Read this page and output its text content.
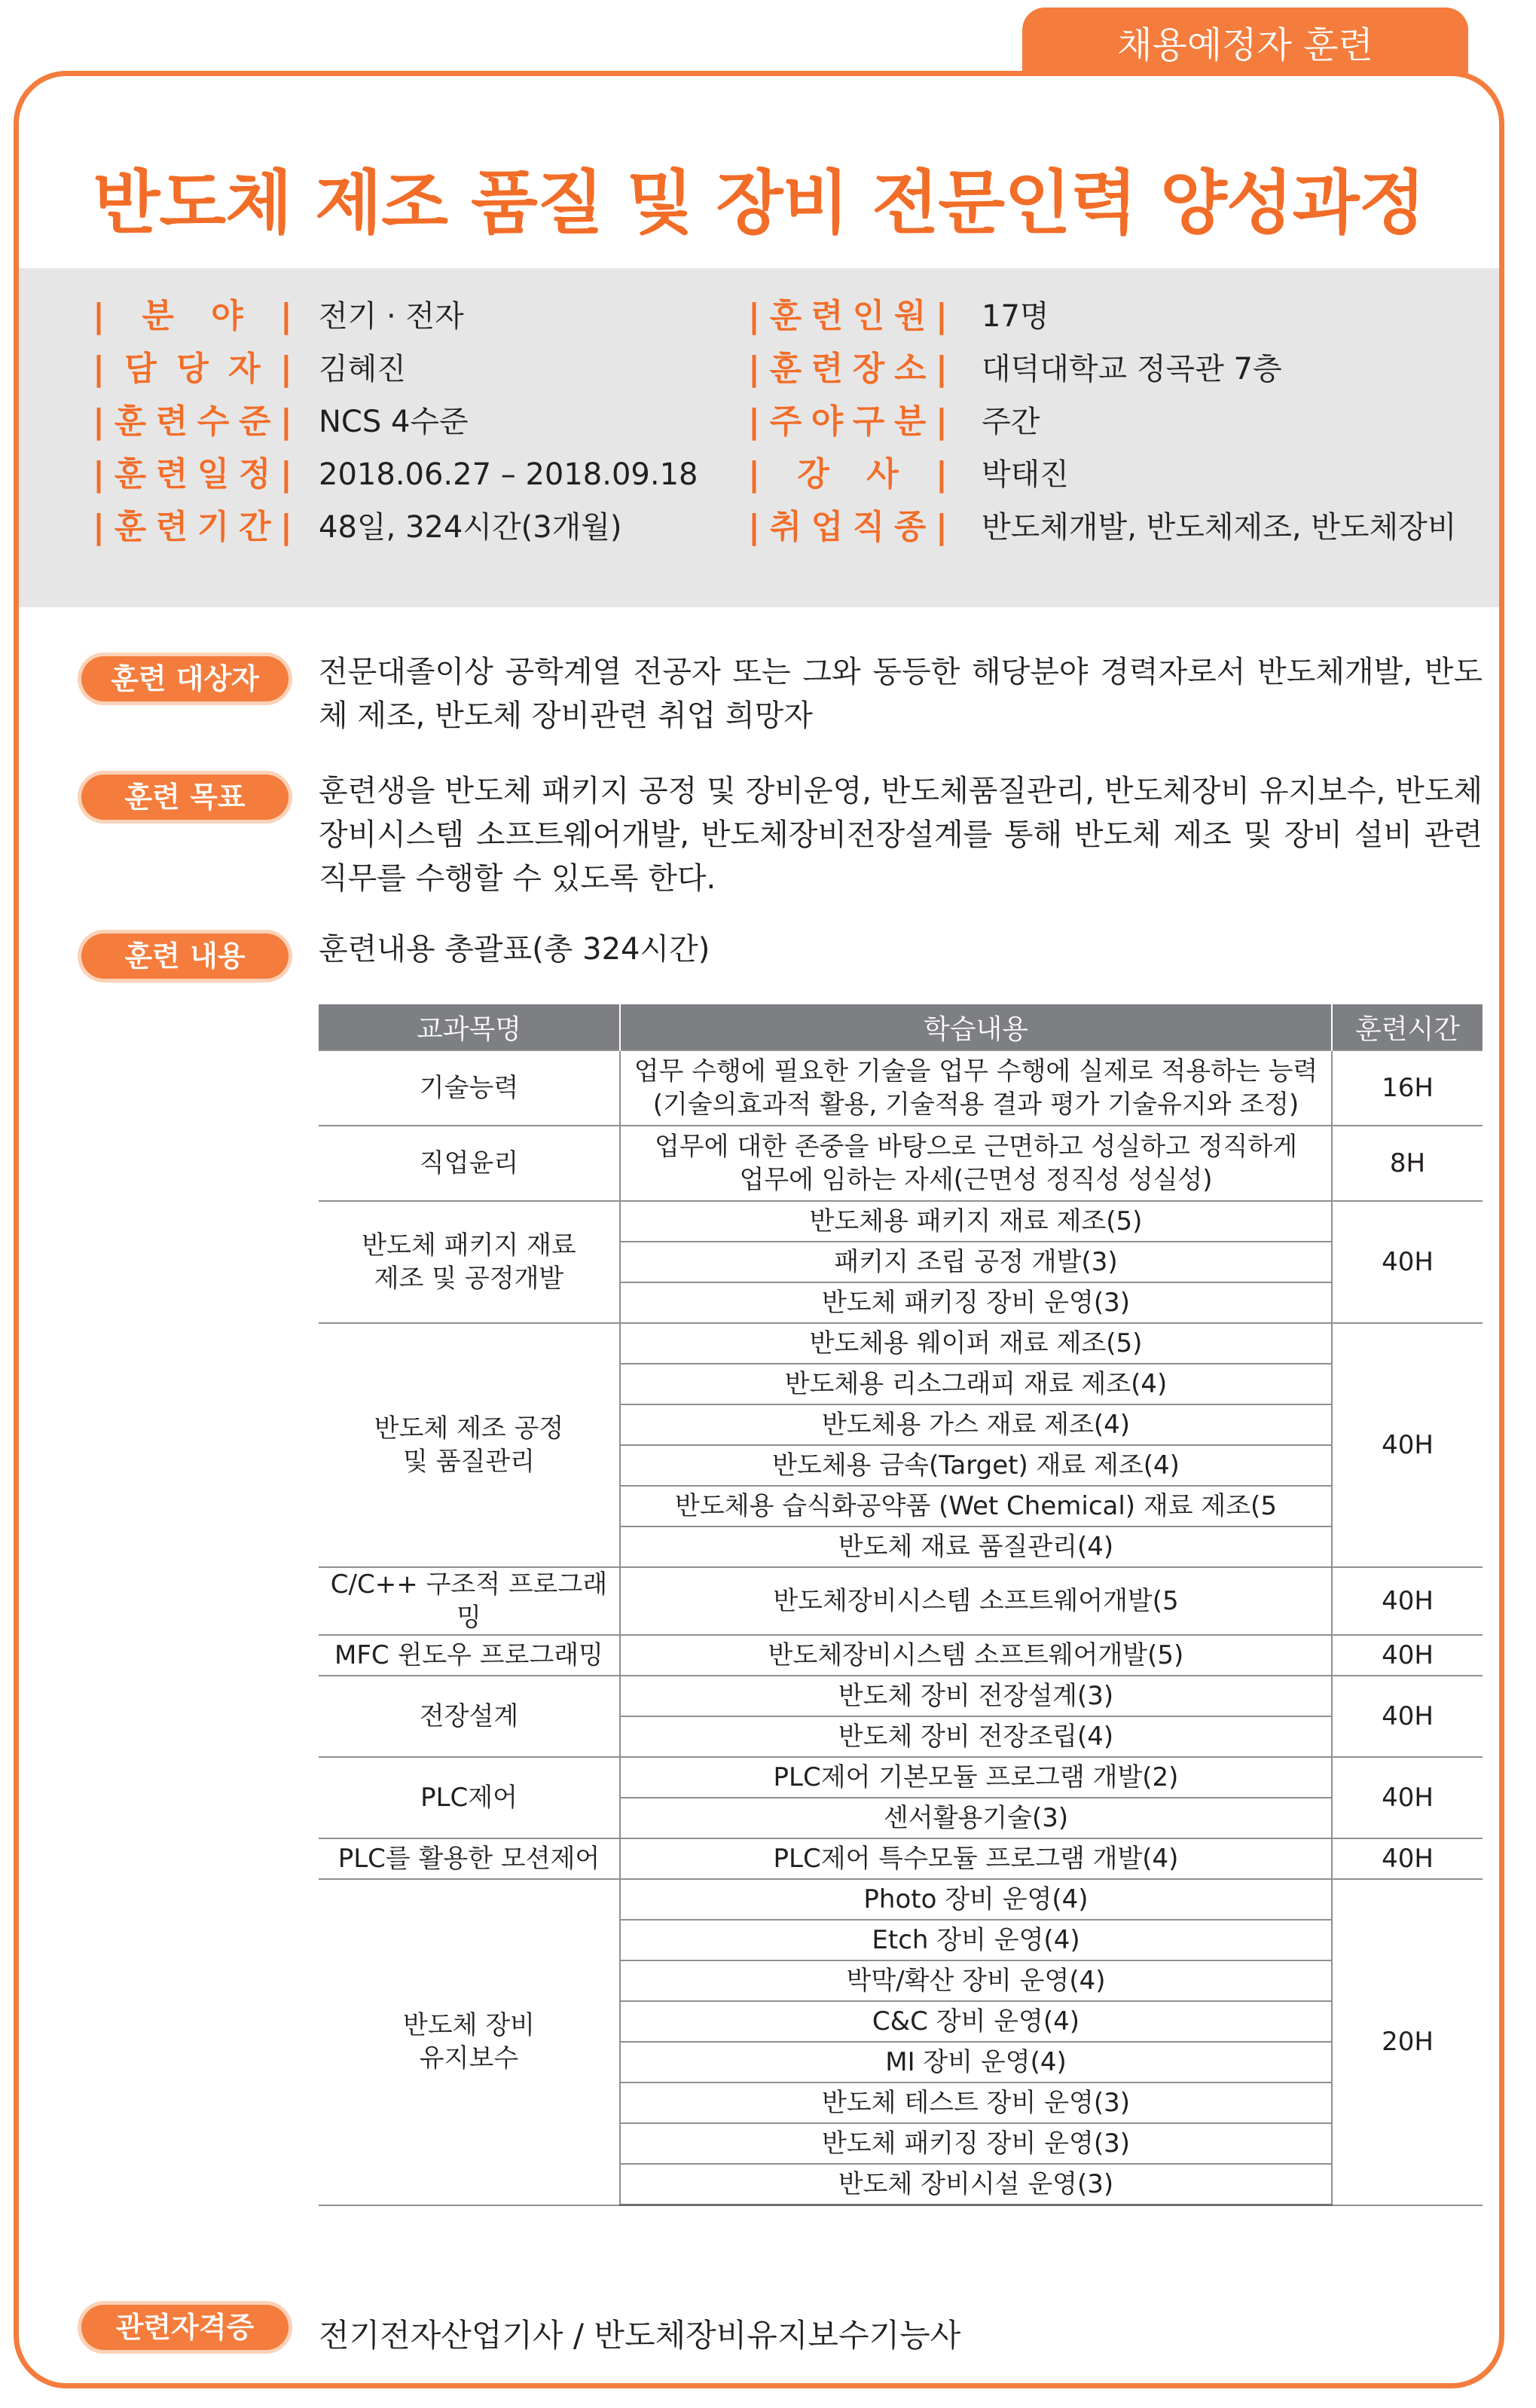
채용예정자 훈련
반도체 제조 품질 및 장비 전문인력 양성과정
| 분 야 | 전기 · 전자
| 담 당 자 | 김혜진
| 훈 련 수 준 | NCS 4수준
| 훈 련 일 정 | 2018.06.27 – 2018.09.18
| 훈 련 기 간 | 48일, 324시간(3개월)
| 훈 련 인 원 | 17명
| 훈 련 장 소 | 대덕대학교 정곡관 7층
| 주 야 구 분 | 주간
| 강 사 | 박태진
| 취 업 직 종 | 반도체개발, 반도체제조, 반도체장비
훈련 대상자	전문대졸이상 공학계열 전공자 또는 그와 동등한 해당분야 경력자로서 반도체개발, 반도체 제조, 반도체 장비관련 취업 희망자
훈련 목표	훈련생을 반도체 패키지 공정 및 장비운영, 반도체품질관리, 반도체장비 유지보수, 반도체 장비시스템 소프트웨어개발, 반도체장비전장설계를 통해 반도체 제조 및 장비 설비 관련 직무를 수행할 수 있도록 한다.
훈련 내용	훈련내용 총괄표(총 324시간)
교과목명	학습내용	훈련시간
기술능력	업무 수행에 필요한 기술을 업무 수행에 실제로 적용하는 능력
(기술의효과적 활용, 기술적용 결과 평가 기술유지와 조정)	16H
직업윤리	업무에 대한 존중을 바탕으로 근면하고 성실하고 정직하게
업무에 임하는 자세(근면성 정직성 성실성)	8H
반도체 패키지 재료
제조 및 공정개발	반도체용 패키지 재료 제조(5)	40H
	패키지 조립 공정 개발(3)	
	반도체 패키징 장비 운영(3)	
반도체 제조 공정
및 품질관리	반도체용 웨이퍼 재료 제조(5)	40H
	반도체용 리소그래피 재료 제조(4)	
	반도체용 가스 재료 제조(4)	
	반도체용 금속(Target) 재료 제조(4)	
	반도체용 습식화공약품 (Wet Chemical) 재료 제조(5	
	반도체 재료 품질관리(4)	
C/C++ 구조적 프로그래밍	반도체장비시스템 소프트웨어개발(5	40H
MFC 윈도우 프로그래밍	반도체장비시스템 소프트웨어개발(5)	40H
전장설계	반도체 장비 전장설계(3)	40H
	반도체 장비 전장조립(4)	
PLC제어	PLC제어 기본모듈 프로그램 개발(2)	40H
	센서활용기술(3)	
PLC를 활용한 모션제어	PLC제어 특수모듈 프로그램 개발(4)	40H
반도체 장비
유지보수	Photo 장비 운영(4)	20H
	Etch 장비 운영(4)	
	박막/확산 장비 운영(4)	
	C&C 장비 운영(4)	
	MI 장비 운영(4)	
	반도체 테스트 장비 운영(3)	
	반도체 패키징 장비 운영(3)	
	반도체 장비시설 운영(3)	
관련자격증	전기전자산업기사 / 반도체장비유지보수기능사
